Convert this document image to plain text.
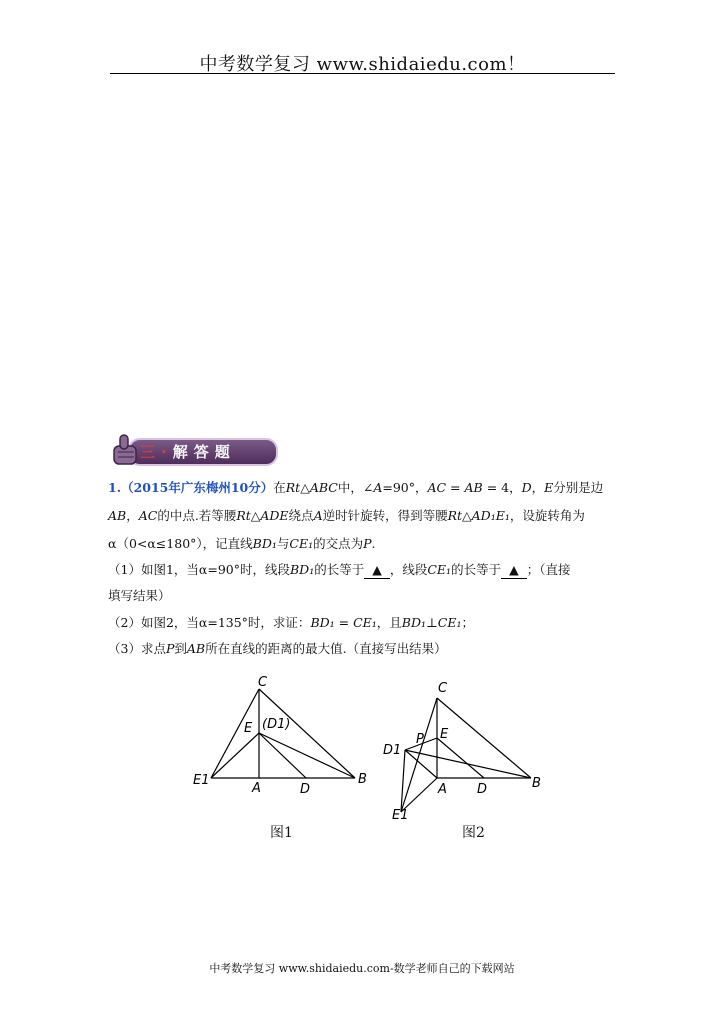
中考数学复习 www.shidaiedu.com！
三·解答题
1.（2015年广东梅州10分）在Rt△ABC中，∠A=90°，AC = AB = 4，D，E分别是边
AB，AC的中点.若等腰Rt△ADE绕点A逆时针旋转，得到等腰Rt△AD₁E₁，设旋转角为
α（0<α≤180°），记直线BD₁与CE₁的交点为P.
（1）如图1，当α=90°时，线段BD₁的长等于 ▲ ，线段CE₁的长等于 ▲ ；（直接
填写结果）
（2）如图2，当α=135°时，求证：BD₁ = CE₁，且BD₁⊥CE₁；
（3）求点P到AB所在直线的距离的最大值.（直接写出结果）
C
E (D1)
E1
A	D
B
C
E
P
D1
A D	B
E1
图1	图2
中考数学复习 www.shidaiedu.com-数学老师自己的下载网站
